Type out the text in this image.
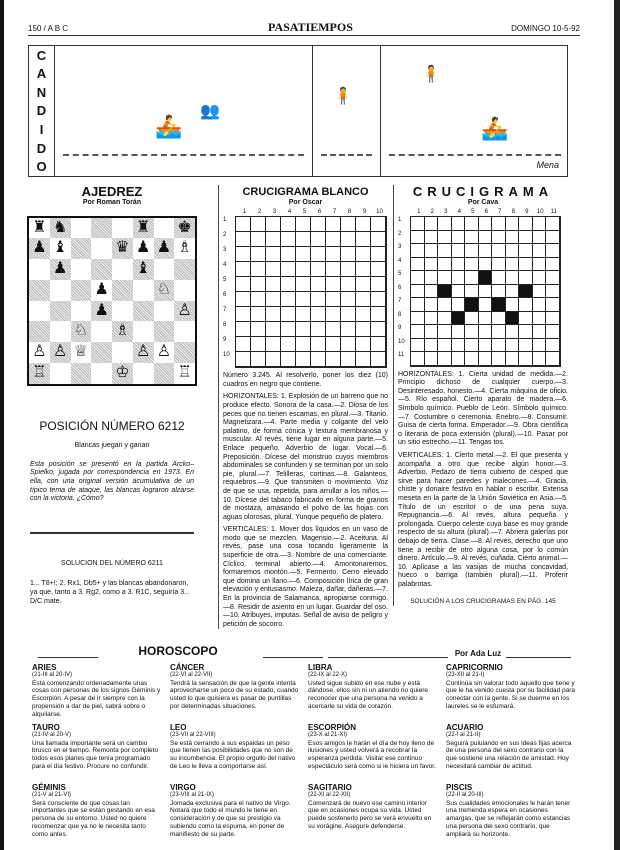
150 / A B C	PASATIEMPOS	DOMINGO 10-5-92
C
A
N
D
I
D
O
🚣
👥
🧍
🧍
🚣
Mena
AJEDREZ
Por Roman Torán
♜ ♞	♜ ♚
♟ ♝	♛ ♟ ♟ ♗
♟	♝
♟	♘
♟	♙
♘ ♗
♙ ♙ ♕	♙ ♙
♖	♔	♖
POSICIÓN NÚMERO 6212
Blancas juegan y ganan
Esta posición se presentó en la partida Arcko–Spielko, jugada por correspondencia en 1973. En ella, con una original versión acumulativa de un típico tema de ataque, las blancas lograron alzarse con la victoria. ¿Cómo?
SOLUCION DEL NÚMERO 6211
1... T8+!; 2. Rx1, Db5+ y las blancas abandonaron, ya que, tanto a 3. Rg2, como a 3. R1C, seguiría 3... D/C mate.
CRUCIGRAMA BLANCO
Por Oscar
1	2	3	4	5	6	7	8	9	10
1
2
3
4
5
6
7
8
9
10
Número 3.245. Al resolverlo, poner los diez (10) cuadros en negro que contiene.
HORIZONTALES: 1. Explosión de un barreno que no produce efecto. Sonora de la casa.—2. Diosa de los peces que no tienen escamas, en plural.—3. Titanio. Magnetizara.—4. Parte media y colgante del velo palatino, de forma cónica y textura membranosa y muscular. Al revés, tiene lugar en alguna parte.—5. Enlace pequeño. Adverbio de lugar. Vocal.—6. Preposición. Dícese del monstruo cuyos miembros abdominales se confunden y se terminan por un solo pie, plural.—7. Telilleras, cortinas.—8. Galanteos, requiebros.—9. Que transmiten o movimiento. Voz de que se usa, repetida, para arrullar a los niños.—10. Dícese del tabaco fabricado en forma de granos de mostaza, amasando el polvo de las hojas con aguas olorosas, plural. Yunque pequeño de platero.
VERTICALES: 1. Mover dos líquidos en un vaso de modo que se mezclen. Magensio.—2. Aceituna. Al revés, pase una cosa tocando ligeramente la superficie de otra.—3. Nombre de una comerciante. Cíclico, terminal abierto.—4. Amontonaremos, formaremos montón.—5. Fermento. Cerro elevado que domina un llano.—6. Composición lírica de gran elevación y entusiasmo. Maleza, dañar, dañeras.—7. En la provincia de Salamanca, apropiarse conmigo.—8. Residir de asiento en un lugar. Guardar del oso.—10. Atribuyes, imputas. Señal de aviso de peligro y petición de socorro.
CRUCIGRAMA
Por Cava
1	2	3	4	5	6	7	8	9	10	11
1
2
3
4
5
6
7
8
9
10
11
HORIZONTALES: 1. Cierta unidad de medida.—2. Principio dichoso de cualquier cuerpo.—3. Desinteresado, honesto.—4. Cierta máquina de oficio.—5. Río español. Cierto aparato de madera.—6. Símbolo químico. Pueblo de León. Símbolo químico.—7. Costumbre o ceremonia. Enebro.—8. Consumir. Guisa de cierta forma. Emperador.—9. Obra científica o literaria de poca extensión (plural).—10. Pasar por un sitio estrecho.—11. Tengas tos.
VERTICALES: 1. Cierto metal.—2. El que presenta y acompaña a otro que recibe algún honor.—3. Adverbio. Pedazo de tierra cubierto de césped que sirve para hacer paredes y malecones.—4. Gracia, chiste y donaire festivo en hablar o escribir. Extensa meseta en la parte de la Unión Soviética en Asia.—5. Título de un escritor o de una pena suya. Repugnancia.—6. Al revés, altura pequeña y prolongada. Cuerpo celeste cuya base es muy grande respecto de su altura (plural).—7. Abriera galerías por debajo de tierra. Clase.—8. Al revés, derecho que uno tiene a recibir de otro alguna cosa, por lo común dinero. Artículo.—9. Al revés, cuñada. Cierto animal.—10. Aplícase a las vasijas de mucha concavidad, hueco o barriga (también plural).—11. Proferir palabrotas.
SOLUCIÓN A LOS CRUCIGRAMAS EN PÁG. 145
HOROSCOPO	Por Ada Luz
ARIES
(21-III al 20-IV)
Está comenzando ordenadamente unas cosas con personas de los signos Géminis y Escorpión. A pesar de ir siempre con la propensión a dar de piel, sabrá sobre o alquilarse.
TAURO
(21-IV al 20-V)
Una llamada importante será un cambio brusco en el tiempo. Remonta por completo todos esos planes que tenía programado para el día festivo. Procure no confundir.
GÉMINIS
(21-V al 21-VI)
Será consciente de que cosas tan importantes que se están gestando en esa persona de su entorno. Usted no quiere recomenzar que ya no le necesita tanto como antes.
CÁNCER
(22-VI al 22-VII)
Tendrá la sensación de que la gente intenta aprovecharse un poco de su estado, cuando usted lo que quisiera es pasar de puntillas por determinadas situaciones.
LEO
(23-VII al 22-VIII)
Se está cerrando a sus espaldas un peso que tienen las posibilidades que no son de su incumbencia. El propio orgullo del nativo de Leo le lleva a comportarse así.
VIRGO
(23-VIII al 21-IX)
Jornada exclusiva para el nativo de Virgo. Notará que todo el mundo le tiene en consideración y de que su prestigio va subiendo como la espuma, en poner de manifiesto de su parte.
LIBRA
(22-IX al 22-X)
Usted sigue subido en ese nube y está dándose, ellos sin ni un atiendo no quiere reconocer que una persona ha venido a acercarle su vida de corazón.
ESCORPIÓN
(23-X al 21-XI)
Esos amigos le harán el día de hoy lleno de ilusiones y usted volverá a recobrar la esperanza perdida. Visitar ese continuo espectáculo será como si le hiciera un favor.
SAGITARIO
(22-XI al 22-XII)
Comenzará de nuevo ese camino interior que en ocasiones ocupa su vida. Usted puede sostenerlo pero se verá envuelto en su vorágine. Asegure defenderse.
CAPRICORNIO
(23-XII al 21-I)
Continúa sin valorar todo aquello que tiene y que le ha venido cuesta por su facilidad para conectar con la gente. Si se duerme en los laureles se le esfumará.
ACUARIO
(22-I al 21-II)
Seguirá pululando en sus ideas fijas acerca de una persona del sexo contrario con la que sostiene una relación de amistad. Hoy necesitará cambiar de actitud.
PISCIS
(22-II al 20-III)
Sus cualidades emocionales le harán tener una tremenda espera en ocasiones amargas, que se reflejarán como estancias una persona del sexo contrario, que ampliará su horizonte.
